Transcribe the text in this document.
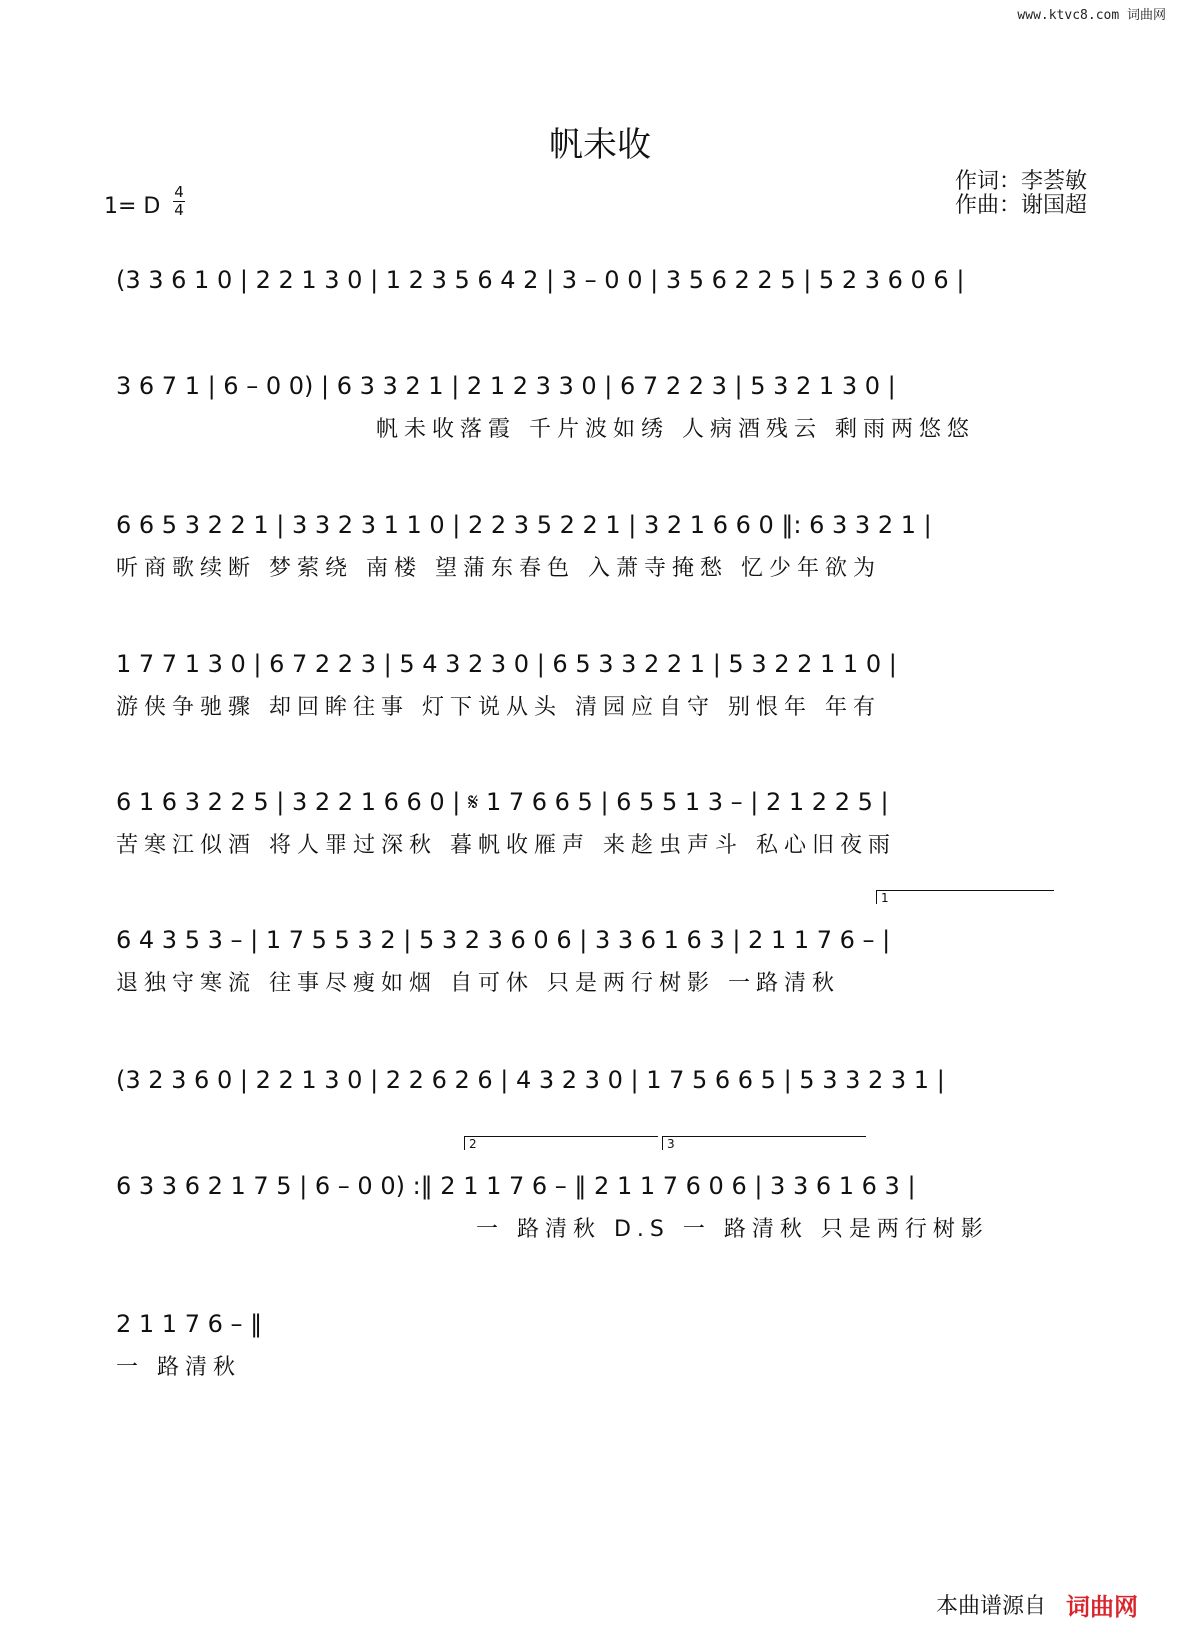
www.ktvc8.com 词曲网
帆未收
作词：李荟敏
作曲：谢国超
1= D
4
4
(3 3 6 1 0 | 2 2 1 3 0 | 1 2 3 5 6 4 2 | 3 – 0 0 | 3 5 6 2 2 5 | 5 2 3 6 0 6 |
3 6 7 1 | 6 – 0 0) | 6 3 3 2 1 | 2 1 2 3 3 0 | 6 7 2 2 3 | 5 3 2 1 3 0 |
帆未收落霞 千片波如绣 人病酒残云 剩雨两悠悠
6 6 5 3 2 2 1 | 3 3 2 3 1 1 0 | 2 2 3 5 2 2 1 | 3 2 1 6 6 0 ‖: 6 3 3 2 1 |
听商歌续断 梦萦绕 南楼 望蒲东春色 入萧寺掩愁 忆少年欲为
1 7 7 1 3 0 | 6 7 2 2 3 | 5 4 3 2 3 0 | 6 5 3 3 2 2 1 | 5 3 2 2 1 1 0 |
游侠争驰骤 却回眸往事 灯下说从头 清园应自守 别恨年 年有
6 1 6 3 2 2 5 | 3 2 2 1 6 6 0 | 𝄋 1 7 6 6 5 | 6 5 5 1 3 – | 2 1 2 2 5 |
苦寒江似酒 将人罪过深秋 暮帆收雁声 来趁虫声斗 私心旧夜雨
1
6 4 3 5 3 – | 1 7 5 5 3 2 | 5 3 2 3 6 0 6 | 3 3 6 1 6 3 | 2 1 1 7 6 – |
退独守寒流 往事尽瘦如烟 自可休 只是两行树影 一路清秋
(3 2 3 6 0 | 2 2 1 3 0 | 2 2 6 2 6 | 4 3 2 3 0 | 1 7 5 6 6 5 | 5 3 3 2 3 1 |
2	3
6 3 3 6 2 1 7 5 | 6 – 0 0) :‖ 2 1 1 7 6 – ‖ 2 1 1 7 6 0 6 | 3 3 6 1 6 3 |
一 路清秋 D.S 一 路清秋 只是两行树影
2 1 1 7 6 – ‖
一 路清秋
本曲谱源自 词曲网
